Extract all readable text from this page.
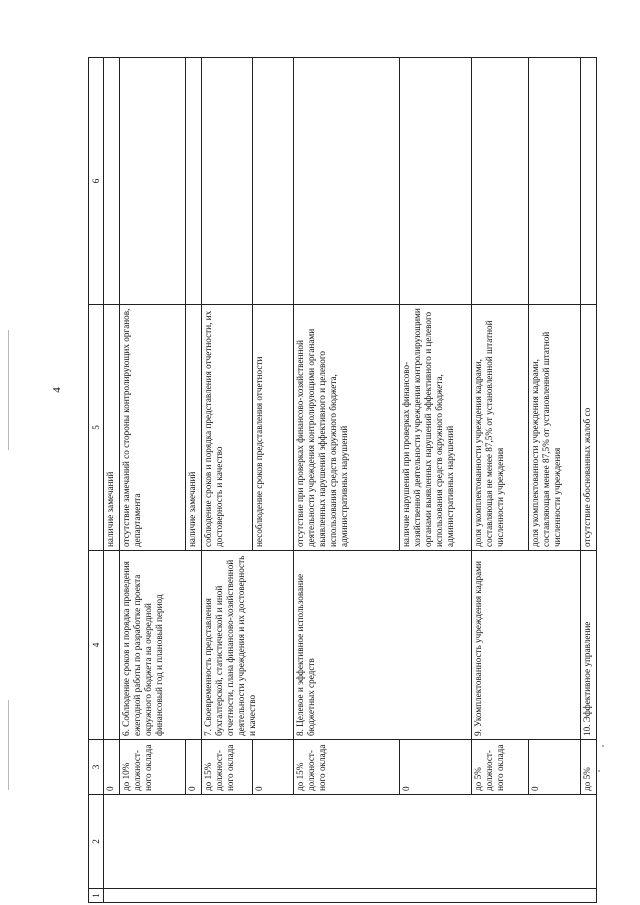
4
1	2	3	4	5	6
		0		наличие замечаний	
		до 10% должност-ного оклада	6. Соблюдение сроков и порядка проведения ежегодной работы по разработке проекта окружного бюджета на очередной финансовый год и плановый период	отсутствие замечаний со стороны контролирующих органов, департамента	
		0		наличие замечаний	
		до 15% должност-ного оклада	7. Своевременность представления бухгалтерской, статистической и иной отчетности, плана финансово-хозяйственной деятельности учреждения и их достоверность и качество	соблюдение сроков и порядка представления отчетности, их достоверность и качество	
		0		несоблюдение сроков представления отчетности	
		до 15% должност-ного оклада	8. Целевое и эффективное использование бюджетных средств	отсутствие при проверках финансово-хозяйственной деятельности учреждения контролирующими органами выявленных нарушений эффективного и целевого использования средств окружного бюджета, административных нарушений	
		0		наличие нарушений при проверках финансово-хозяйственной деятельности учреждения контролирующими органами выявленных нарушений эффективного и целевого использования средств окружного бюджета, административных нарушений	
		до 5% должност-ного оклада	9. Укомплектованность учреждения кадрами	доля укомплектованности учреждения кадрами, составляющая не менее 87,5% от установленной штатной численности учреждения	
		0		доля укомплектованности учреждения кадрами, составляющая менее 87,5% от установленной штатной численности учреждения	
		до 5%	10. Эффективное управление	отсутствие обоснованных жалоб со	
